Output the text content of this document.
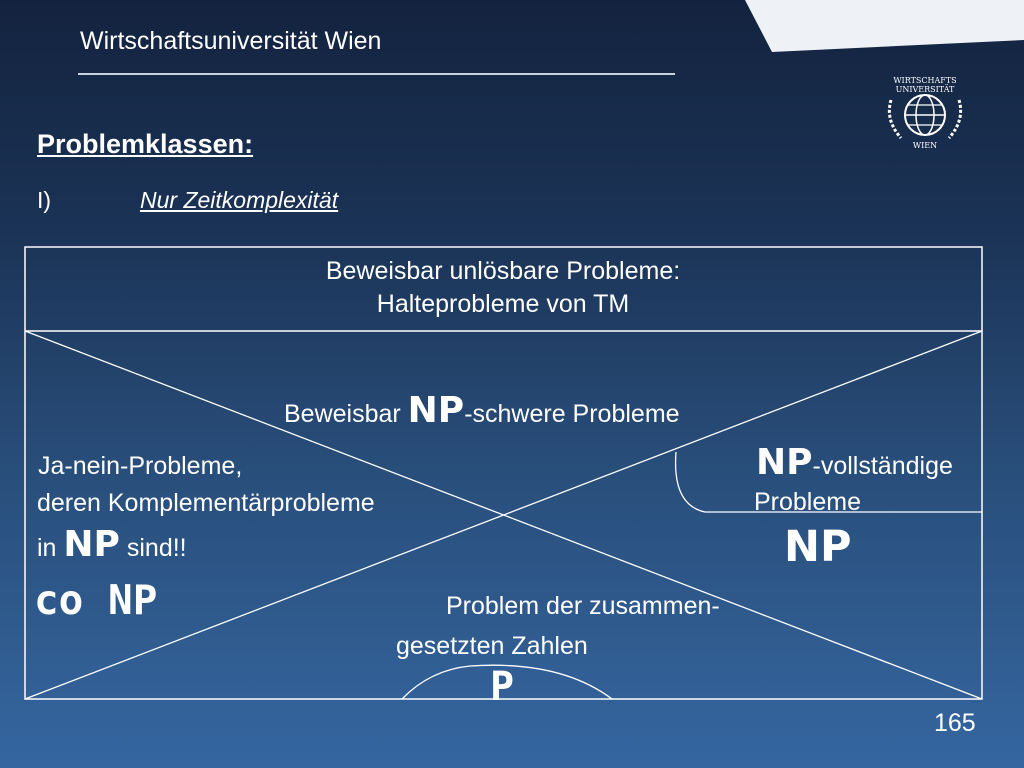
Wirtschaftsuniversität Wien
WIRTSCHAFTS
UNIVERSITÄT
WIEN
Problemklassen:
I)	Nur Zeitkomplexität
Beweisbar unlösbare Probleme:
Halteprobleme von TM
Beweisbar NP-schwere Probleme
Ja-nein-Probleme,
deren Komplementärprobleme
in NP sind!!
co NP
NP-vollständige
Probleme
NP
Problem der zusammen-
gesetzten Zahlen
P
165
